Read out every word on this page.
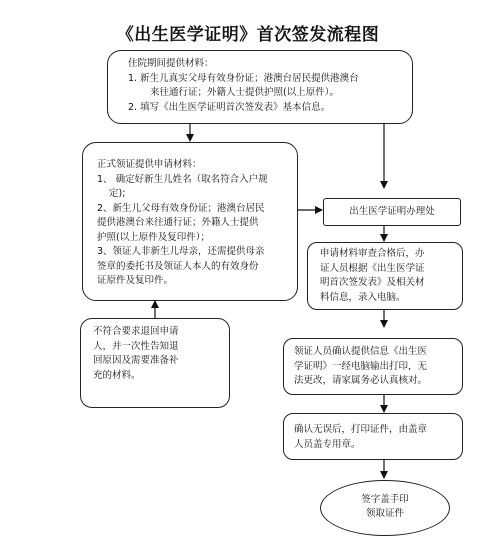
《出生医学证明》首次签发流程图
住院期间提供材料：
1. 新生儿真实父母有效身份证；港澳台居民提供港澳台
来往通行证；外籍人士提供护照(以上原件）。
2. 填写《出生医学证明首次签发表》基本信息。
正式领证提供申请材料：
1、 确定好新生儿姓名（取名符合入户规
定);
2、新生儿父母有效身份证；港澳台居民
提供港澳台来往通行证；外籍人士提供
护照(以上原件及复印件）；
3、领证人非新生儿母亲，还需提供母亲
签章的委托书及领证人本人的有效身份
证原件及复印件。
出生医学证明办理处
申请材料审查合格后，办
证人员根据《出生医学证
明首次签发表》及相关材
料信息，录入电脑。
不符合要求退回申请
人，并一次性告知退
回原因及需要准备补
充的材料。
领证人员确认提供信息《出生医
学证明》一经电脑输出打印，无
法更改，请家属务必认真核对。
确认无误后，打印证件，由盖章
人员盖专用章。
签字盖手印
领取证件
